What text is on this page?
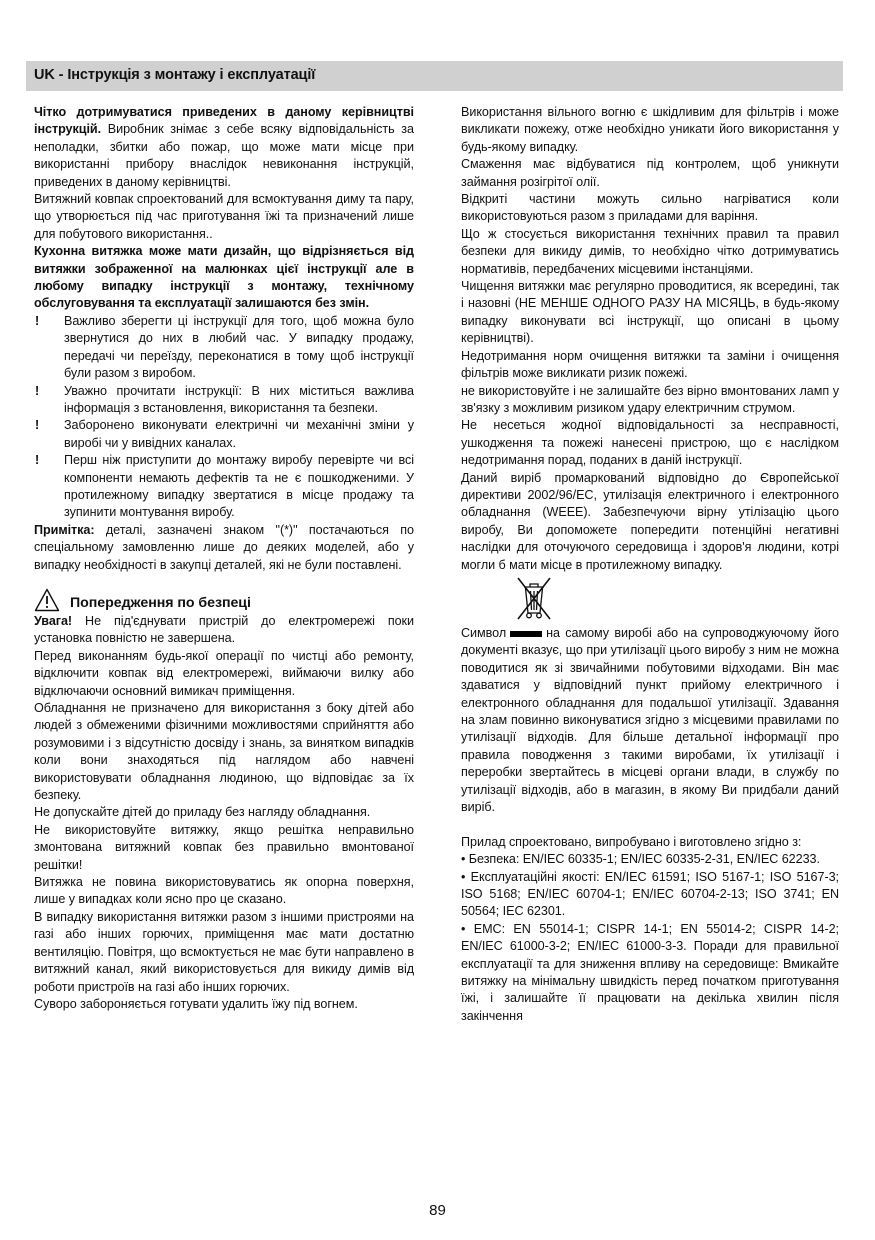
UK - Інструкція з монтажу і експлуатації

Чітко дотримуватися приведених в даному керівництві інструкцій. Виробник знімає з себе всяку відповідальність за неполадки, збитки або пожар, що може мати місце при використанні прибору внаслідок невиконання інструкцій, приведених в даному керівництві.

Витяжний ковпак спроектований для всмоктування диму та пару, що утворюється під час приготування їжі та призначений лише для побутового використання..

Кухонна витяжка може мати дизайн, що відрізняється від витяжки зображенної на малюнках цієї інструкції але в любому випадку інструкції з монтажу, технічному обслуговування та експлуатації залишаются без змін.

!	Важливо зберегти ці інструкції для того, щоб можна було звернутися до них в любий час. У випадку продажу, передачі чи переїзду, переконатися в тому щоб інструкції були разом з виробом.
!	Уважно прочитати інструкції: В них міститься важлива інформація з встановлення, використання та безпеки.
!	Заборонено виконувати електричні чи механічні зміни у виробі чи у вивідних каналах.
!	Перш ніж приступити до монтажу виробу перевірте чи всі компоненти немають дефектів та не є пошкодженими. У протилежному випадку звертатися в місце продажу та зупинити монтування виробу.

Примітка: деталі, зазначені знаком "(*)" постачаються по спеціальному замовленню лише до деяких моделей, або у випадку необхідності в закупці деталей, які не були поставлені.

Попередження по безпеці

Увага! Не під'єднувати пристрій до електромережі поки установка повністю не завершена.

Перед виконанням будь-якої операції по чистці або ремонту, відключити ковпак від електромережі, виймаючи вилку або відключаючи основний вимикач приміщення.

Обладнання не призначено для використання з боку дітей або людей з обмеженими фізичними можливостями сприйняття або розумовими і з відсутністю досвіду і знань, за винятком випадків коли вони знаходяться під наглядом або навчені використовувати обладнання людиною, що відповідає за їх безпеку.

Не допускайте дітей до приладу без нагляду обладнання.

Не використовуйте витяжку, якщо решітка неправильно змонтована витяжний ковпак без правильно вмонтованої решітки!

Витяжка не повина використовуватись як опорна поверхня, лише у випадках коли ясно про це сказано.

В випадку використання витяжки разом з іншими пристроями на газі або інших горючих, приміщення має мати достатню вентиляцію. Повітря, що всмоктується не має бути направлено в витяжний канал, який використовується для викиду димів від роботи пристроїв на газі або інших горючих.

Суворо забороняється готувати удалить їжу під вогнем.

Використання вільного вогню є шкідливим для фільтрів і може викликати пожежу, отже необхідно уникати його використання у будь-якому випадку.

Смаження має відбуватися під контролем, щоб уникнути займання розігрітої олії.

Відкриті частини можуть сильно нагріватися коли використовуються разом з приладами для варіння.

Що ж стосується використання технічних правил та правил безпеки для викиду димів, то необхідно чітко дотримуватись нормативів, передбачених місцевими інстанціями.

Чищення витяжки має регулярно проводитися, як всередині, так і назовні (НЕ МЕНШЕ ОДНОГО РАЗУ НА МІСЯЦЬ, в будь-якому випадку виконувати всі інструкції, що описані в цьому керівництві).

Недотримання норм очищення витяжки та заміни і очищення фільтрів може викликати ризик пожежі.

не використовуйте і не залишайте без вірно вмонтованих ламп у зв'язку з можливим ризиком удару електричним струмом.

Не несеться жодної відповідальності за несправності, ушкодження та пожежі нанесені пристрою, що є наслідком недотримання порад, поданих в даній інструкції.

Даний виріб промаркований відповідно до Європейської директиви 2002/96/EC, утилізація електричного і електронного обладнання (WEEE). Забезпечуючи вірну утілізацію цього виробу, Ви допоможете попередити потенційні негативні наслідки для оточуючого середовища і здоров'я людини, котрі могли б мати місце в протилежному випадку.

Символ	на самому виробі або на супроводжуючому його документі вказує, що при утилізації цього виробу з ним не можна поводитися як зі звичайними побутовими відходами. Він має здаватися у відповідний пункт прийому електричного і електронного обладнання для подальшої утилізації. Здавання на злам повинно виконуватися згідно з місцевими правилами по утилізації відходів. Для більше детальної інформації про правила поводження з такими виробами, їх утилізації і переробки звертайтесь в місцеві органи влади, в службу по утилізації відходів, або в магазин, в якому Ви придбали даний виріб.

Прилад спроектовано, випробувано і виготовлено згідно з:

• Безпека: EN/IEC 60335-1; EN/IEC 60335-2-31, EN/IEC 62233.

• Експлуатаційні якості: EN/IEC 61591; ISO 5167-1; ISO 5167-3; ISO 5168; EN/IEC 60704-1; EN/IEC 60704-2-13; ISO 3741; EN 50564; IEC 62301.

• EMC: EN 55014-1; CISPR 14-1; EN 55014-2; CISPR 14-2; EN/IEC 61000-3-2; EN/IEC 61000-3-3. Поради для правильної експлуатації та для зниження впливу на середовище: Вмикайте витяжку на мінімальну швидкість перед початком приготування їжі, і залишайте її працювати на декілька хвилин після закінчення

89
